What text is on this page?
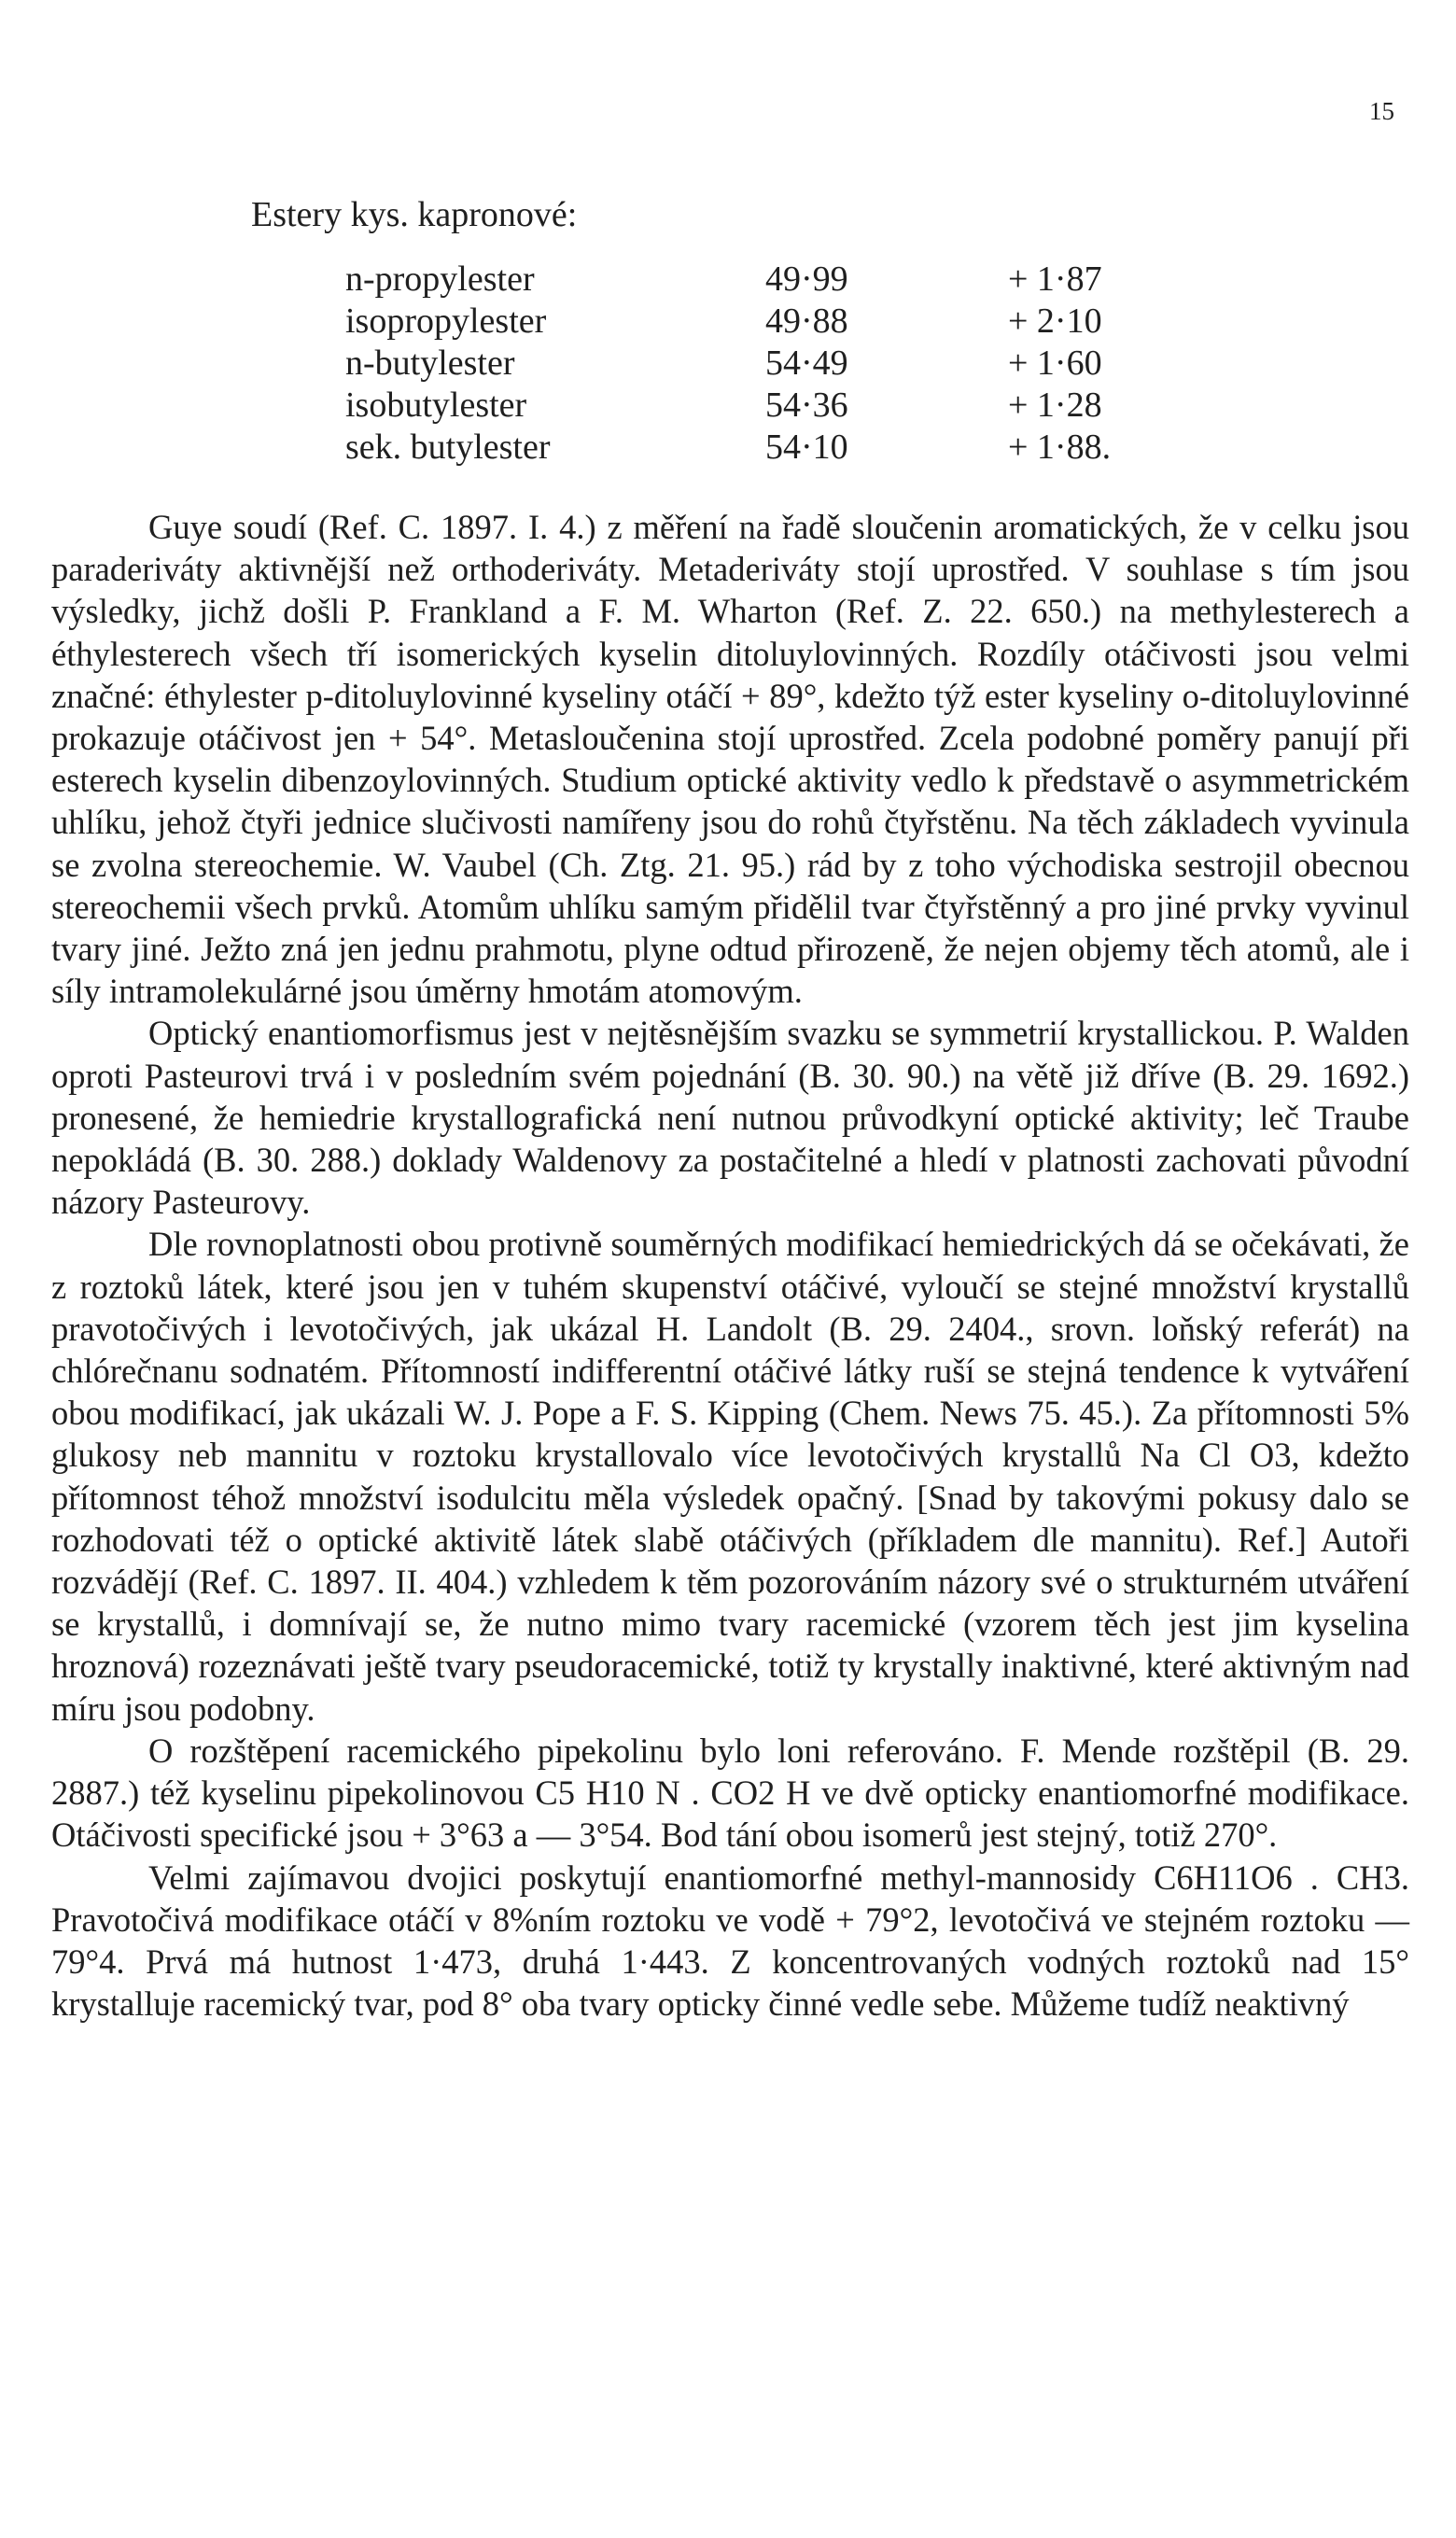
15
Estery kys. kapronové:
n-propylester	49·99	+ 1·87
isopropylester	49·88	+ 2·10
n-butylester	54·49	+ 1·60
isobutylester	54·36	+ 1·28
sek. butylester	54·10	+ 1·88.

Guye soudí (Ref. C. 1897. I. 4.) z měření na řadě sloučenin aromatických, že v celku jsou paraderiváty aktivnější než orthoderiváty. Metaderiváty stojí uprostřed. V souhlase s tím jsou výsledky, jichž došli P. Frankland a F. M. Wharton (Ref. Z. 22. 650.) na methylesterech a éthylesterech všech tří isomerických kyselin ditoluylovinných. Rozdíly otáčivosti jsou velmi značné: éthylester p-ditoluylovinné kyseliny otáčí + 89°, kdežto týž ester kyseliny o-ditoluylovinné prokazuje otáčivost jen + 54°. Metasloučenina stojí uprostřed. Zcela podobné poměry panují při esterech kyselin dibenzoylovinných. Studium optické aktivity vedlo k představě o asymmetrickém uhlíku, jehož čtyři jednice slučivosti namířeny jsou do rohů čtyřstěnu. Na těch základech vyvinula se zvolna stereochemie. W. Vaubel (Ch. Ztg. 21. 95.) rád by z toho východiska sestrojil obecnou stereochemii všech prvků. Atomům uhlíku samým přidělil tvar čtyřstěnný a pro jiné prvky vyvinul tvary jiné. Ježto zná jen jednu prahmotu, plyne odtud přirozeně, že nejen objemy těch atomů, ale i síly intramolekulárné jsou úměrny hmotám atomovým.

Optický enantiomorfismus jest v nejtěsnějším svazku se symmetrií krystallickou. P. Walden oproti Pasteurovi trvá i v posledním svém pojednání (B. 30. 90.) na větě již dříve (B. 29. 1692.) pronesené, že hemiedrie krystallografická není nutnou průvodkyní optické aktivity; leč Traube nepokládá (B. 30. 288.) doklady Waldenovy za postačitelné a hledí v platnosti zachovati původní názory Pasteurovy.

Dle rovnoplatnosti obou protivně souměrných modifikací hemiedrických dá se očekávati, že z roztoků látek, které jsou jen v tuhém skupenství otáčivé, vyloučí se stejné množství krystallů pravotočivých i levotočivých, jak ukázal H. Landolt (B. 29. 2404., srovn. loňský referát) na chlórečnanu sodnatém. Přítomností indifferentní otáčivé látky ruší se stejná tendence k vytváření obou modifikací, jak ukázali W. J. Pope a F. S. Kipping (Chem. News 75. 45.). Za přítomnosti 5% glukosy neb mannitu v roztoku krystallovalo více levotočivých krystallů Na Cl O3, kdežto přítomnost téhož množství isodulcitu měla výsledek opačný. [Snad by takovými pokusy dalo se rozhodovati též o optické aktivitě látek slabě otáčivých (příkladem dle mannitu). Ref.] Autoři rozvádějí (Ref. C. 1897. II. 404.) vzhledem k těm pozorováním názory své o strukturném utváření se krystallů, i domnívají se, že nutno mimo tvary racemické (vzorem těch jest jim kyselina hroznová) rozeznávati ještě tvary pseudoracemické, totiž ty krystally inaktivné, které aktivným nad míru jsou podobny.

O rozštěpení racemického pipekolinu bylo loni referováno. F. Mende rozštěpil (B. 29. 2887.) též kyselinu pipekolinovou C5 H10 N . CO2 H ve dvě opticky enantiomorfné modifikace. Otáčivosti specifické jsou + 3°63 a — 3°54. Bod tání obou isomerů jest stejný, totiž 270°.

Velmi zajímavou dvojici poskytují enantiomorfné methyl-mannosidy C6H11O6 . CH3. Pravotočivá modifikace otáčí v 8%ním roztoku ve vodě + 79°2, levotočivá ve stejném roztoku — 79°4. Prvá má hutnost 1·473, druhá 1·443. Z koncentrovaných vodných roztoků nad 15° krystalluje racemický tvar, pod 8° oba tvary opticky činné vedle sebe. Můžeme tudíž neaktivný
